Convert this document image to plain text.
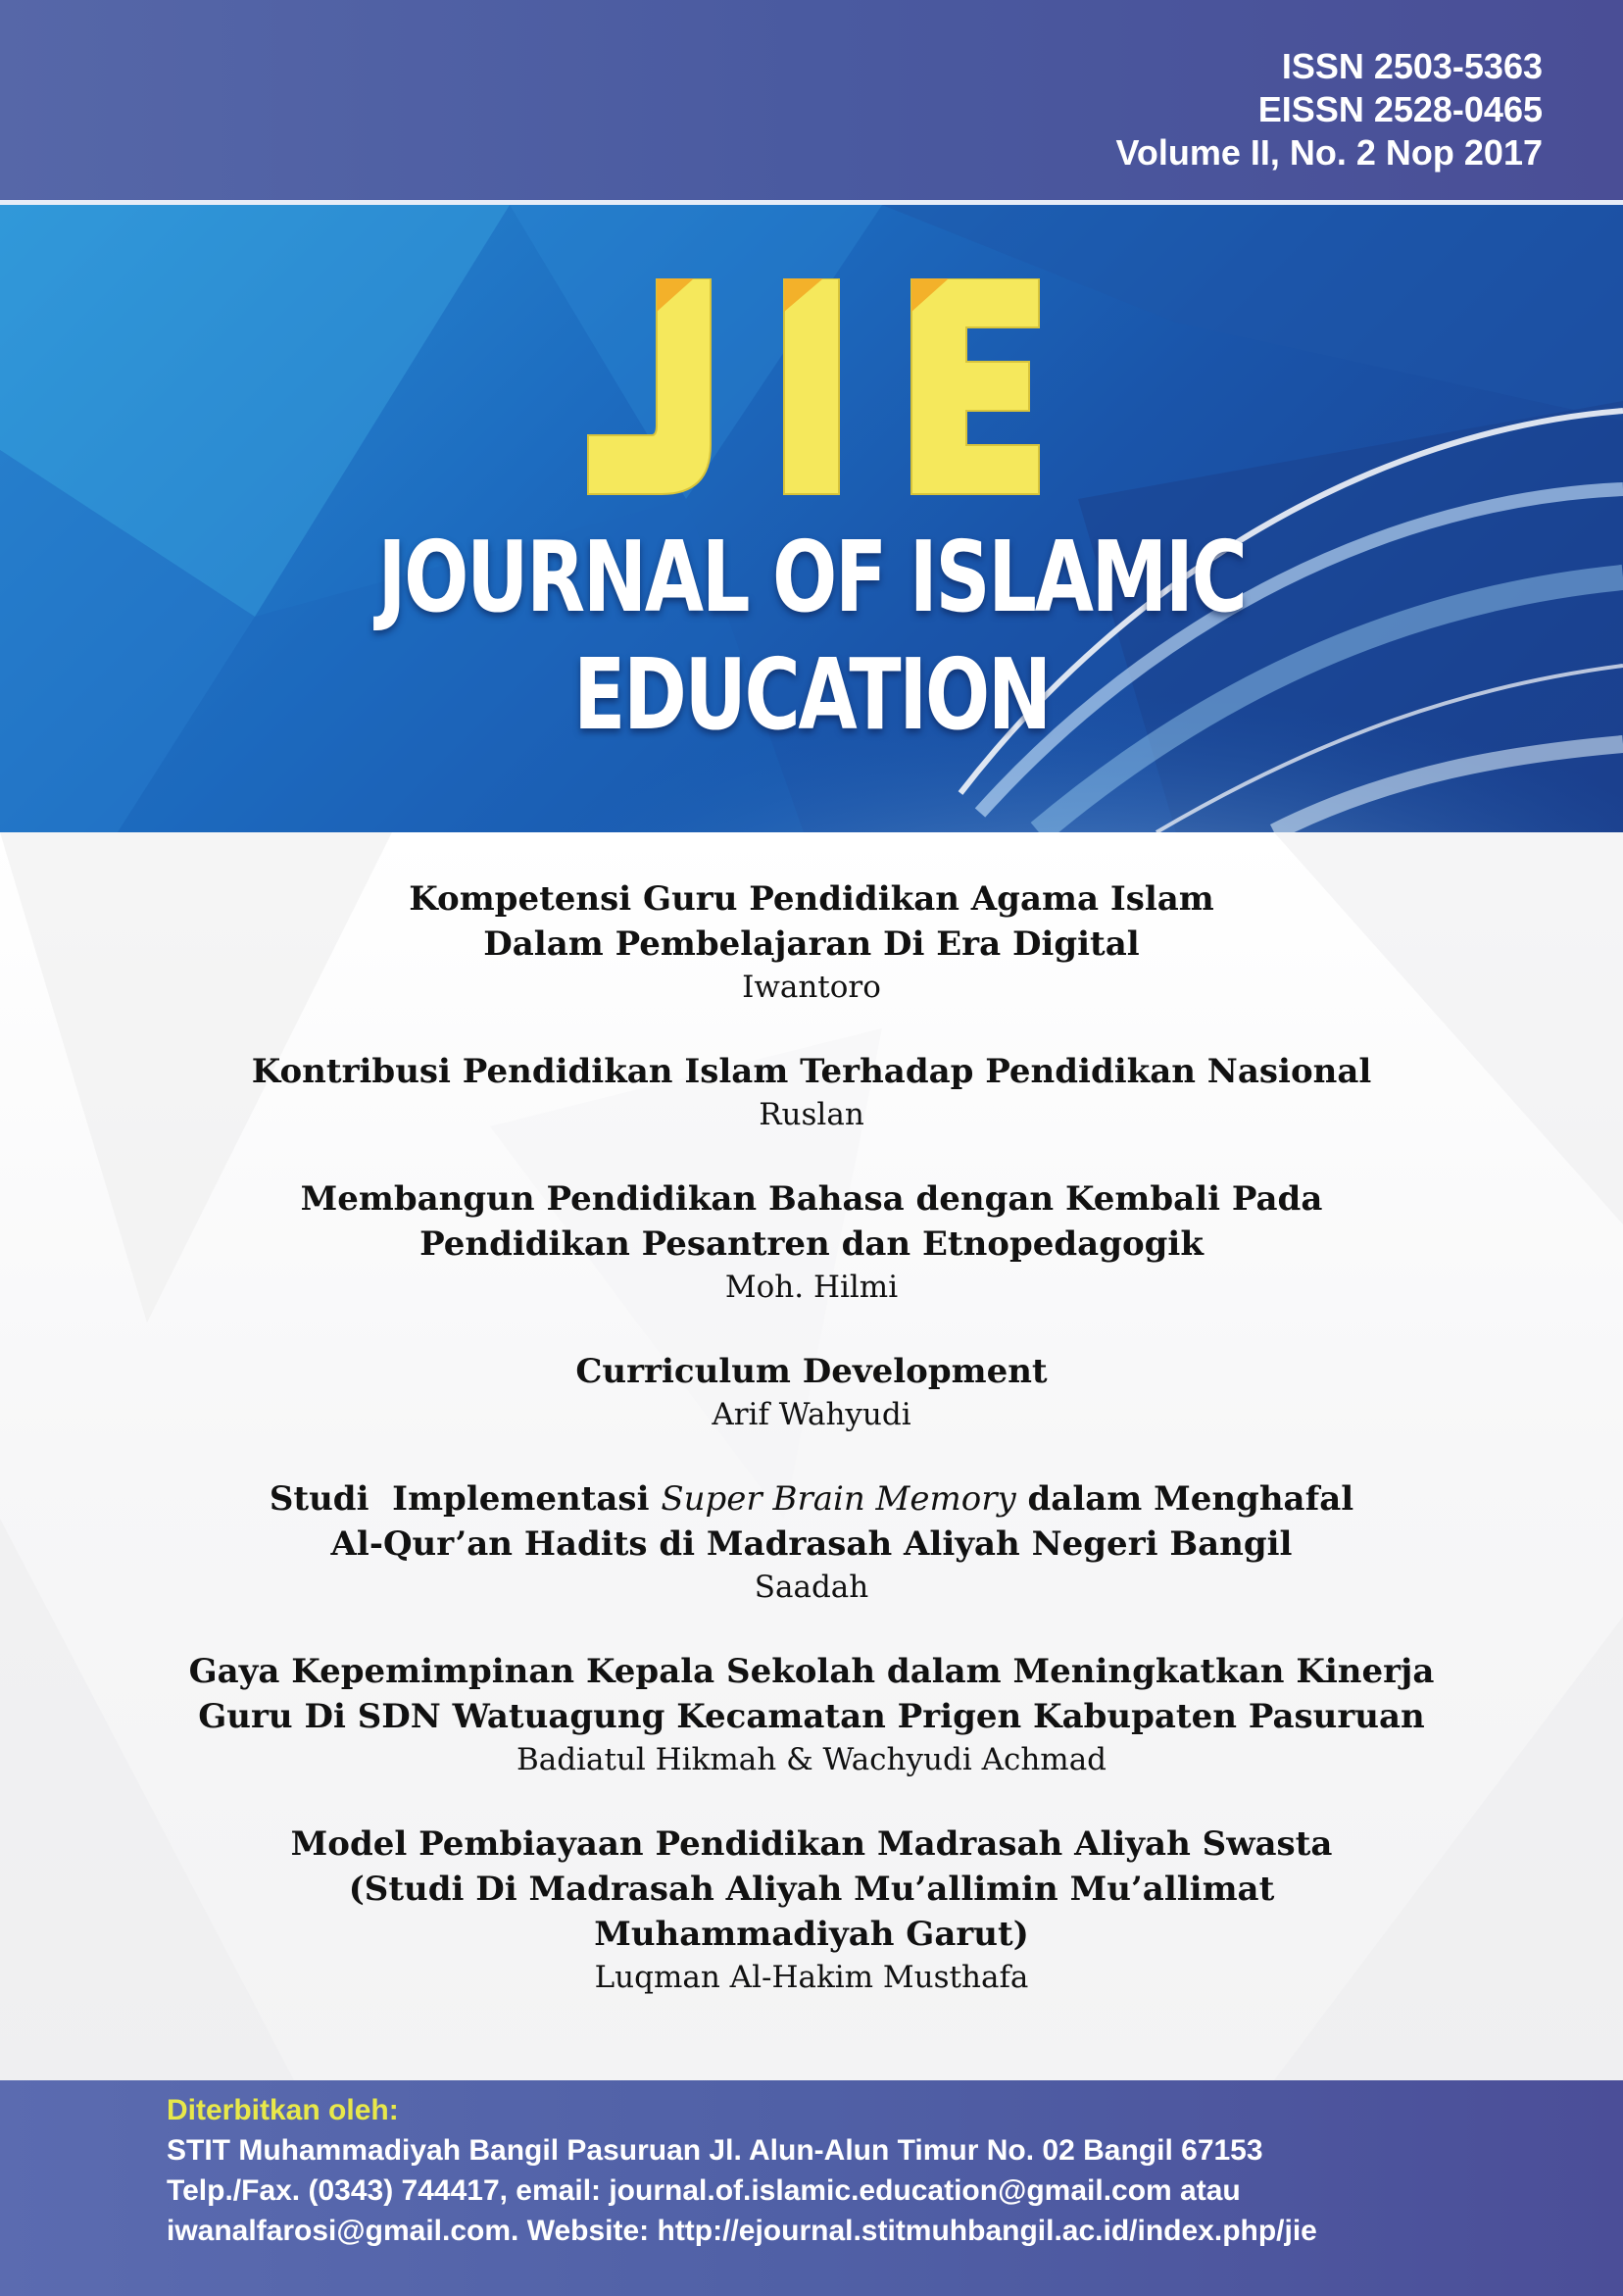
ISSN 2503-5363
EISSN 2528-0465
Volume II, No. 2 Nop 2017
JOURNAL OF ISLAMIC EDUCATION
Kompetensi Guru Pendidikan Agama Islam
Dalam Pembelajaran Di Era Digital
Iwantoro
Kontribusi Pendidikan Islam Terhadap Pendidikan Nasional
Ruslan
Membangun Pendidikan Bahasa dengan Kembali Pada
Pendidikan Pesantren dan Etnopedagogik
Moh. Hilmi
Curriculum Development
Arif Wahyudi
Studi  Implementasi Super Brain Memory dalam Menghafal
Al-Qur’an Hadits di Madrasah Aliyah Negeri Bangil
Saadah
Gaya Kepemimpinan Kepala Sekolah dalam Meningkatkan Kinerja
Guru Di SDN Watuagung Kecamatan Prigen Kabupaten Pasuruan
Badiatul Hikmah & Wachyudi Achmad
Model Pembiayaan Pendidikan Madrasah Aliyah Swasta
(Studi Di Madrasah Aliyah Mu’allimin Mu’allimat
Muhammadiyah Garut)
Luqman Al-Hakim Musthafa
Diterbitkan oleh:
STIT Muhammadiyah Bangil Pasuruan Jl. Alun-Alun Timur No. 02 Bangil 67153
Telp./Fax. (0343) 744417, email: journal.of.islamic.education@gmail.com atau
iwanalfarosi@gmail.com. Website: http://ejournal.stitmuhbangil.ac.id/index.php/jie
